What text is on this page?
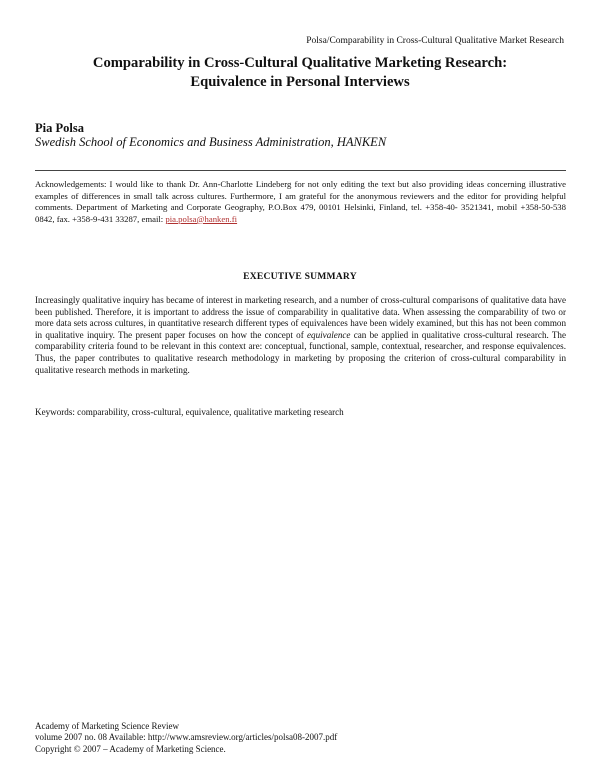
Polsa/Comparability in Cross-Cultural Qualitative Market Research
Comparability in Cross-Cultural Qualitative Marketing Research:
Equivalence in Personal Interviews
Pia Polsa
Swedish School of Economics and Business Administration, HANKEN
Acknowledgements: I would like to thank Dr. Ann-Charlotte Lindeberg for not only editing the text but also providing ideas concerning illustrative examples of differences in small talk across cultures. Furthermore, I am grateful for the anonymous reviewers and the editor for providing helpful comments. Department of Marketing and Corporate Geography, P.O.Box 479, 00101 Helsinki, Finland, tel. +358-40- 3521341, mobil +358-50-538 0842, fax. +358-9-431 33287, email: pia.polsa@hanken.fi
EXECUTIVE SUMMARY
Increasingly qualitative inquiry has became of interest in marketing research, and a number of cross-cultural comparisons of qualitative data have been published. Therefore, it is important to address the issue of comparability in qualitative data. When assessing the comparability of two or more data sets across cultures, in quantitative research different types of equivalences have been widely examined, but this has not been common in qualitative inquiry. The present paper focuses on how the concept of equivalence can be applied in qualitative cross-cultural research. The comparability criteria found to be relevant in this context are: conceptual, functional, sample, contextual, researcher, and response equivalences. Thus, the paper contributes to qualitative research methodology in marketing by proposing the criterion of cross-cultural comparability in qualitative research methods in marketing.
Keywords: comparability, cross-cultural, equivalence, qualitative marketing research
Academy of Marketing Science Review
volume 2007 no. 08 Available: http://www.amsreview.org/articles/polsa08-2007.pdf
Copyright © 2007 – Academy of Marketing Science.
